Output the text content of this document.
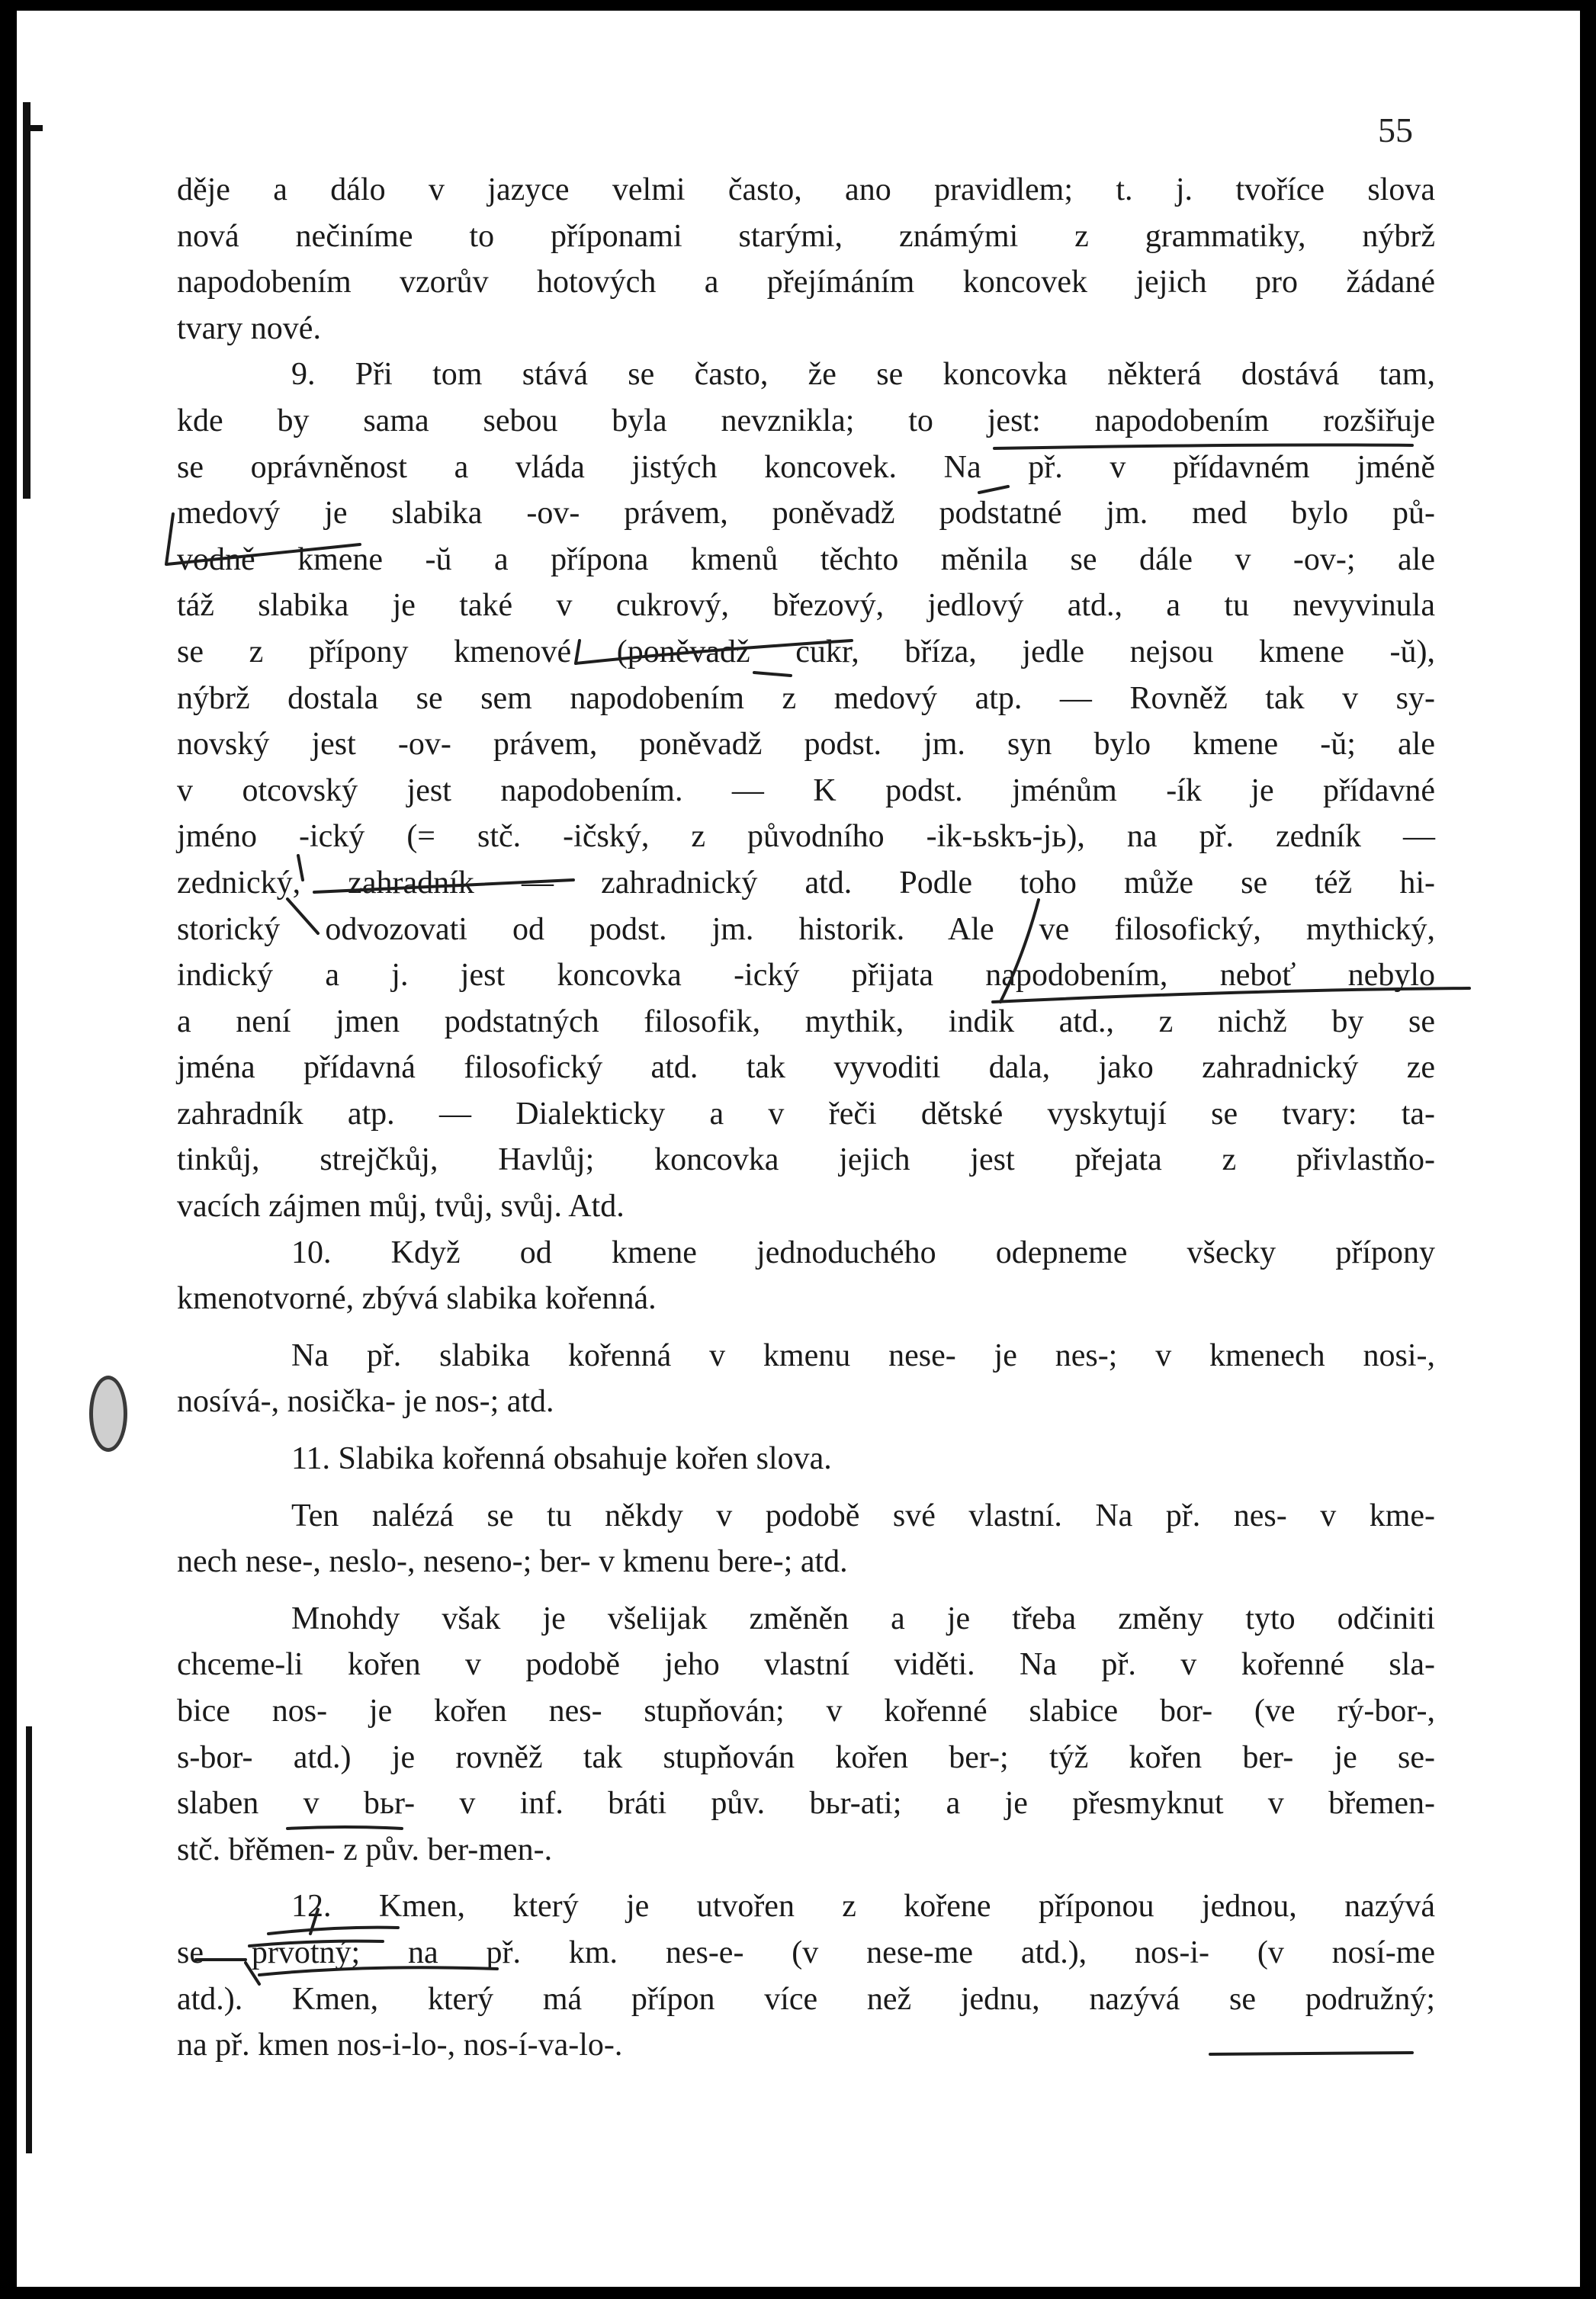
55

děje a dálo v jazyce velmi často, ano pravidlem; t. j. tvoříce slova
nová nečiníme to příponami starými, známými z grammatiky, nýbrž
napodobením vzorův hotových a přejímáním koncovek jejich pro žádané
tvary nové.

9. Při tom stává se často, že se koncovka některá dostává tam,
kde by sama sebou byla nevznikla; to jest: napodobením rozšiřuje
se oprávněnost a vláda jistých koncovek. Na př. v přídavném jméně
medový je slabika -ov- právem, poněvadž podstatné jm. med bylo pů-
vodně kmene -ŭ a přípona kmenů těchto měnila se dále v -ov-; ale
táž slabika je také v cukrový, březový, jedlový atd., a tu nevyvinula
se z přípony kmenové (poněvadž cukr, bříza, jedle nejsou kmene -ŭ),
nýbrž dostala se sem napodobením z medový atp. — Rovněž tak v sy-
novský jest -ov- právem, poněvadž podst. jm. syn bylo kmene -ŭ; ale
v otcovský jest napodobením. — K podst. jménům -ík je přídavné
jméno -ický (= stč. -ičský, z původního -ik-ьskъ-jь), na př. zedník —
zednický, zahradník — zahradnický atd. Podle toho může se též hi-
storický odvozovati od podst. jm. historik. Ale ve filosofický, mythický,
indický a j. jest koncovka -ický přijata napodobením, neboť nebylo
a není jmen podstatných filosofik, mythik, indik atd., z nichž by se
jména přídavná filosofický atd. tak vyvoditi dala, jako zahradnický ze
zahradník atp. — Dialekticky a v řeči dětské vyskytují se tvary: ta-
tinkůj, strejčkůj, Havlůj; koncovka jejich jest přejata z přivlastňo-
vacích zájmen můj, tvůj, svůj. Atd.

10. Když od kmene jednoduchého odepneme všecky přípony
kmenotvorné, zbývá slabika kořenná.

Na př. slabika kořenná v kmenu nese- je nes-; v kmenech nosi-,
nosívá-, nosička- je nos-; atd.

11. Slabika kořenná obsahuje kořen slova.

Ten nalézá se tu někdy v podobě své vlastní. Na př. nes- v kme-
nech nese-, neslo-, neseno-; ber- v kmenu bere-; atd.

Mnohdy však je všelijak změněn a je třeba změny tyto odčiniti
chceme-li kořen v podobě jeho vlastní viděti. Na př. v kořenné sla-
bice nos- je kořen nes- stupňován; v kořenné slabice bor- (ve rý-bor-,
s-bor- atd.) je rovněž tak stupňován kořen ber-; týž kořen ber- je se-
slaben v bьr- v inf. bráti pův. bьr-ati; a je přesmyknut v břemen-
stč. břěmen- z pův. ber-men-.

12. Kmen, který je utvořen z kořene příponou jednou, nazývá
se prvotný; na př. km. nes-e- (v nese-me atd.), nos-i- (v nosí-me
atd.). Kmen, který má přípon více než jednu, nazývá se podružný;
na př. kmen nos-i-lo-, nos-í-va-lo-.
